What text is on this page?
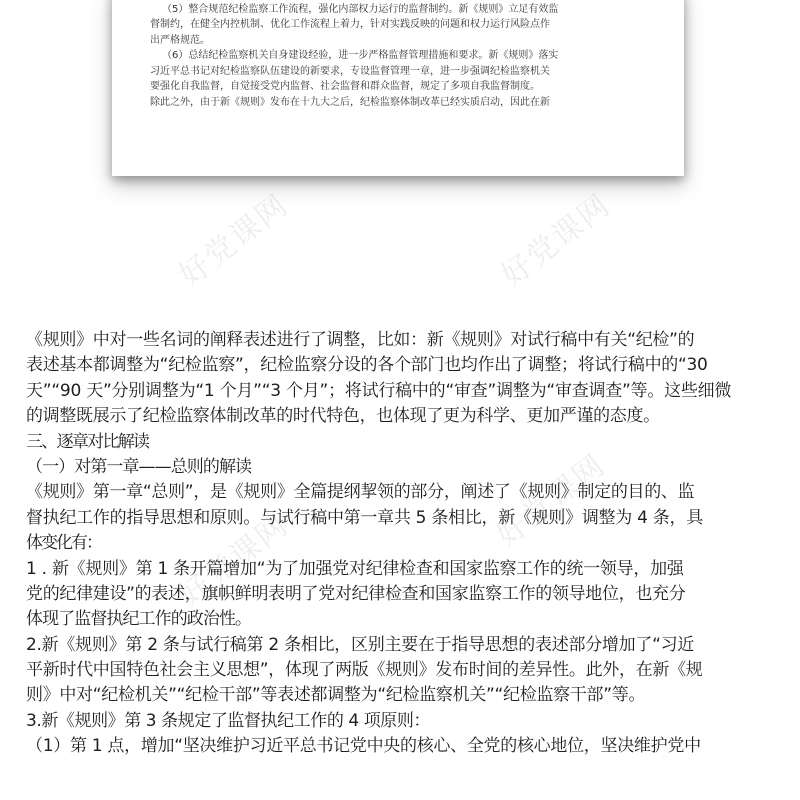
（5）整合规范纪检监察工作流程，强化内部权力运行的监督制约。新《规则》立足有效监
督制约，在健全内控机制、优化工作流程上着力，针对实践反映的问题和权力运行风险点作
出严格规范。
（6）总结纪检监察机关自身建设经验，进一步严格监督管理措施和要求。新《规则》落实
习近平总书记对纪检监察队伍建设的新要求，专设监督管理一章，进一步强调纪检监察机关
要强化自我监督，自觉接受党内监督、社会监督和群众监督，规定了多项自我监督制度。
除此之外，由于新《规则》发布在十九大之后，纪检监察体制改革已经实质启动，因此在新
好党课网	好党课网
好党课网
好党课网
《规则》中对一些名词的阐释表述进行了调整，比如：新《规则》对试行稿中有关“纪检”的
表述基本都调整为“纪检监察”，纪检监察分设的各个部门也均作出了调整；将试行稿中的“30
天”“90 天”分别调整为“1 个月”“3 个月”；将试行稿中的“审查”调整为“审查调查”等。这些细微
的调整既展示了纪检监察体制改革的时代特色，也体现了更为科学、更加严谨的态度。
三、逐章对比解读
（一）对第一章——总则的解读
《规则》第一章“总则”，是《规则》全篇提纲挈领的部分，阐述了《规则》制定的目的、监
督执纪工作的指导思想和原则。与试行稿中第一章共 5 条相比，新《规则》调整为 4 条，具
体变化有：
1 . 新《规则》第 1 条开篇增加“为了加强党对纪律检查和国家监察工作的统一领导，加强
党的纪律建设”的表述，旗帜鲜明表明了党对纪律检查和国家监察工作的领导地位，也充分
体现了监督执纪工作的政治性。
2.新《规则》第 2 条与试行稿第 2 条相比，区别主要在于指导思想的表述部分增加了“习近
平新时代中国特色社会主义思想”，体现了两版《规则》发布时间的差异性。此外，在新《规
则》中对“纪检机关”“纪检干部”等表述都调整为“纪检监察机关”“纪检监察干部”等。
3.新《规则》第 3 条规定了监督执纪工作的 4 项原则：
（1）第 1 点，增加“坚决维护习近平总书记党中央的核心、全党的核心地位，坚决维护党中
